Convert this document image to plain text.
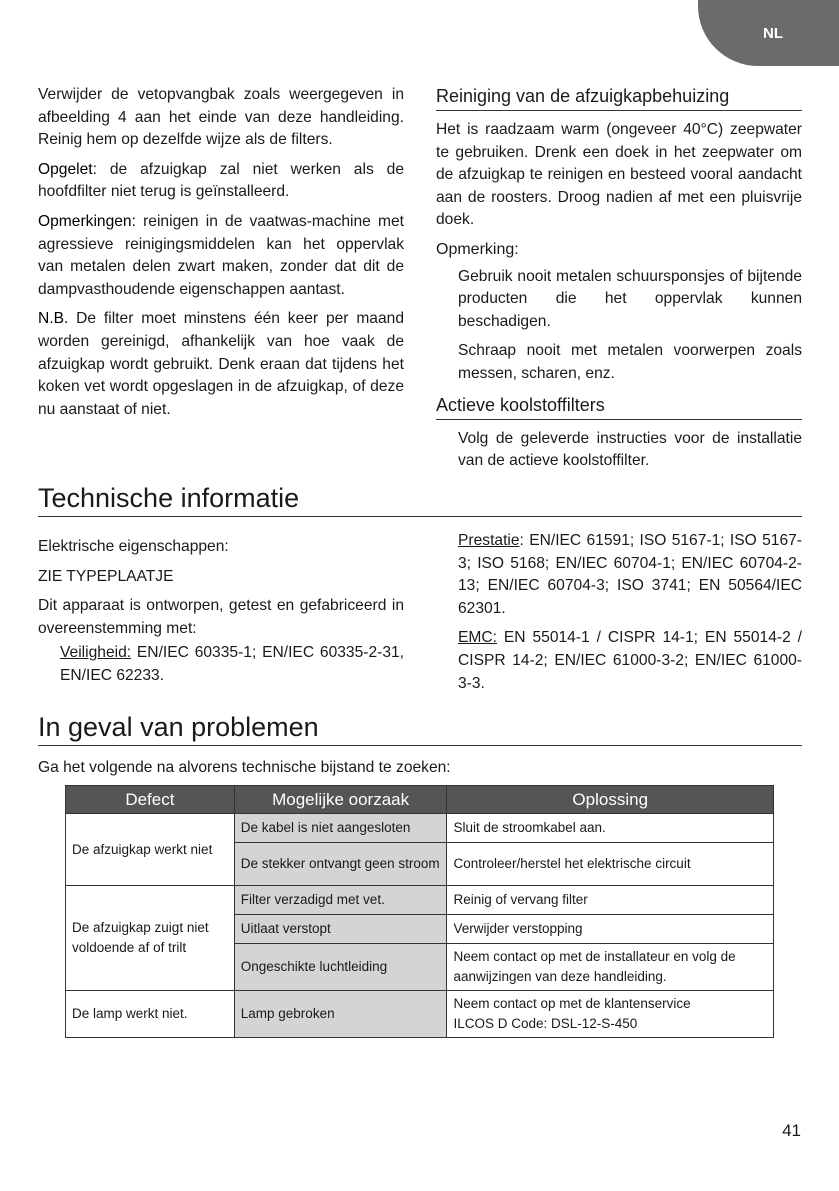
NL

Verwijder de vetopvangbak zoals weergegeven in afbeelding 4 aan het einde van deze handleiding. Reinig hem op dezelfde wijze als de filters.

Opgelet: de afzuigkap zal niet werken als de hoofdfilter niet terug is geïnstalleerd.

Opmerkingen: reinigen in de vaatwas-machine met agressieve reinigingsmiddelen kan het oppervlak van metalen delen zwart maken, zonder dat dit de dampvasthoudende eigenschappen aantast.

N.B. De filter moet minstens één keer per maand worden gereinigd, afhankelijk van hoe vaak de afzuigkap wordt gebruikt. Denk eraan dat tijdens het koken vet wordt opgeslagen in de afzuigkap, of deze nu aanstaat of niet.

Reiniging van de afzuigkapbehuizing

Het is raadzaam warm (ongeveer 40°C) zeepwater te gebruiken. Drenk een doek in het zeepwater om de afzuigkap te reinigen en besteed vooral aandacht aan de roosters. Droog nadien af met een pluisvrije doek.

Opmerking:

Gebruik nooit metalen schuursponsjes of bijtende producten die het oppervlak kunnen beschadigen.

Schraap nooit met metalen voorwerpen zoals messen, scharen, enz.

Actieve koolstoffilters

Volg de geleverde instructies voor de installatie van de actieve koolstoffilter.

Technische informatie

Elektrische eigenschappen:

ZIE TYPEPLAATJE

Dit apparaat is ontworpen, getest en gefabriceerd in overeenstemming met:

Veiligheid: EN/IEC 60335-1; EN/IEC 60335-2-31, EN/IEC 62233.

Prestatie: EN/IEC 61591; ISO 5167-1; ISO 5167-3; ISO 5168; EN/IEC 60704-1; EN/IEC 60704-2-13; EN/IEC 60704-3; ISO 3741; EN 50564/IEC 62301.

EMC: EN 55014-1 / CISPR 14-1; EN 55014-2 / CISPR 14-2; EN/IEC 61000-3-2; EN/IEC 61000-3-3.

In geval van problemen
Ga het volgende na alvorens technische bijstand te zoeken:
Defect	Mogelijke oorzaak	Oplossing
De afzuigkap werkt niet	De kabel is niet aangesloten	Sluit de stroomkabel aan.
	De stekker ontvangt geen stroom	Controleer/herstel het elektrische circuit
De afzuigkap zuigt niet voldoende af of trilt	Filter verzadigd met vet.	Reinig of vervang filter
	Uitlaat verstopt	Verwijder verstopping
	Ongeschikte luchtleiding	Neem contact op met de installateur en volg de aanwijzingen van deze handleiding.
De lamp werkt niet.	Lamp gebroken	Neem contact op met de klantenservice
ILCOS D Code: DSL-12-S-450
41
